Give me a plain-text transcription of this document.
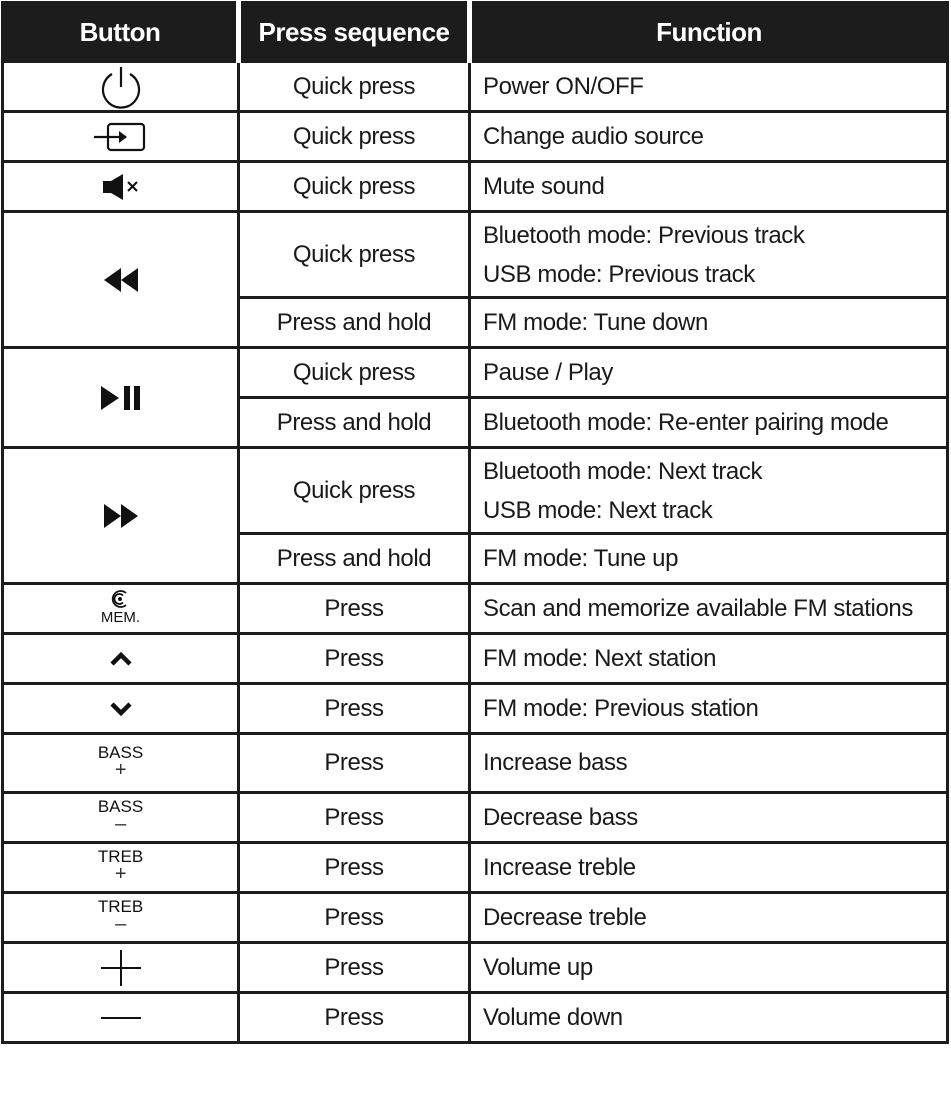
Button	Press sequence	Function

	Quick press	Power ON/OFF

	Quick press	Change audio source

	Quick press	Mute sound

	Quick press	Bluetooth mode: Previous track
USB mode: Previous track

	Press and hold	FM mode: Tune down

	Quick press	Pause / Play
	Press and hold	Bluetooth mode: Re-enter pairing mode

	Quick press	Bluetooth mode: Next track
USB mode: Next track

	Press and hold	FM mode: Tune up

MEM.	Press	Scan and memorize available FM stations

	Press	FM mode: Next station

	Press	FM mode: Previous station

BASS
+	Press	Increase bass

BASS
–	Press	Decrease bass

TREB
+	Press	Increase treble

TREB
–	Press	Decrease treble

	Press	Volume up

	Press	Volume down
